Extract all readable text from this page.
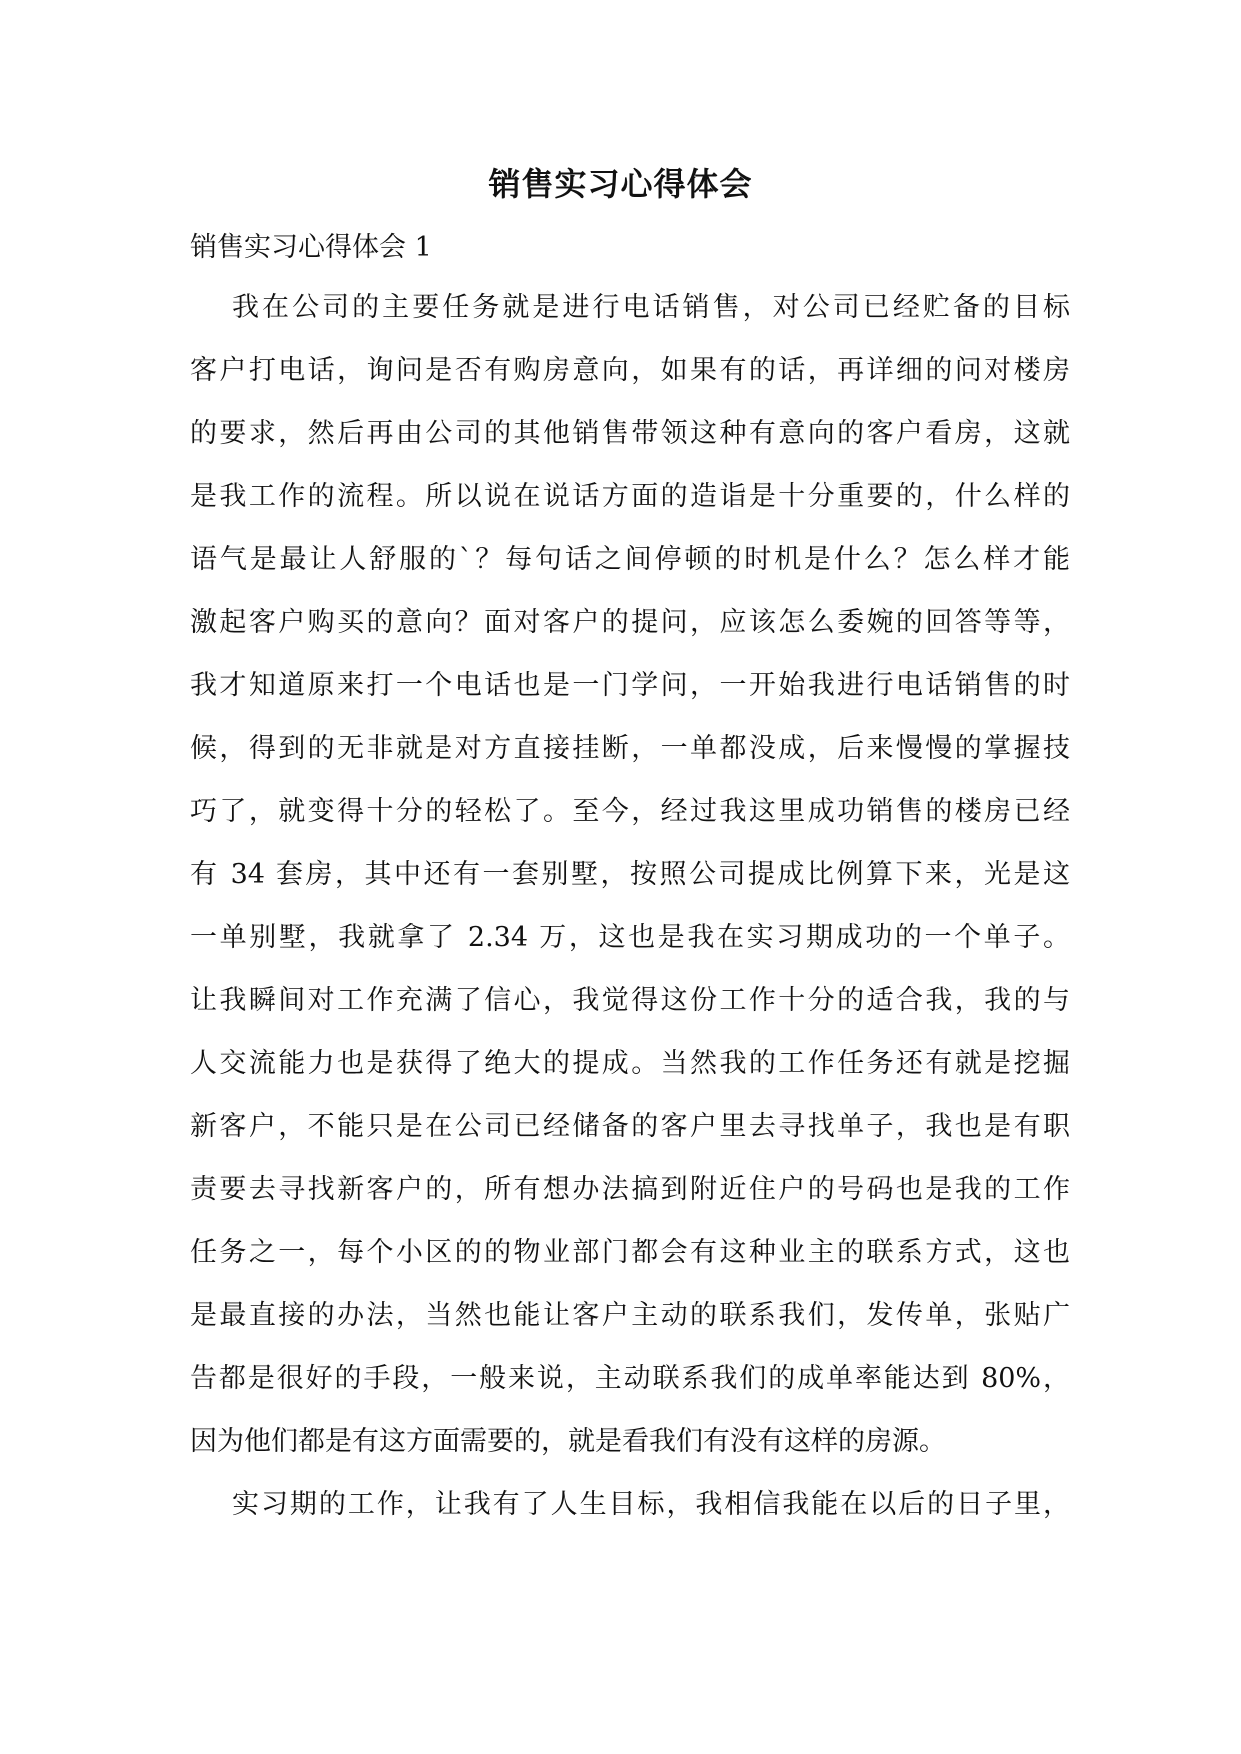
销售实习心得体会
销售实习心得体会 1
我在公司的主要任务就是进行电话销售，对公司已经贮备的目标
客户打电话，询问是否有购房意向，如果有的话，再详细的问对楼房
的要求，然后再由公司的其他销售带领这种有意向的客户看房，这就
是我工作的流程。所以说在说话方面的造诣是十分重要的，什么样的
语气是最让人舒服的`？每句话之间停顿的时机是什么？怎么样才能
激起客户购买的意向？面对客户的提问，应该怎么委婉的回答等等，
我才知道原来打一个电话也是一门学问，一开始我进行电话销售的时
候，得到的无非就是对方直接挂断，一单都没成，后来慢慢的掌握技
巧了，就变得十分的轻松了。至今，经过我这里成功销售的楼房已经
有 34 套房，其中还有一套别墅，按照公司提成比例算下来，光是这
一单别墅，我就拿了 2.34 万，这也是我在实习期成功的一个单子。
让我瞬间对工作充满了信心，我觉得这份工作十分的适合我，我的与
人交流能力也是获得了绝大的提成。当然我的工作任务还有就是挖掘
新客户，不能只是在公司已经储备的客户里去寻找单子，我也是有职
责要去寻找新客户的，所有想办法搞到附近住户的号码也是我的工作
任务之一，每个小区的的物业部门都会有这种业主的联系方式，这也
是最直接的办法，当然也能让客户主动的联系我们，发传单，张贴广
告都是很好的手段，一般来说，主动联系我们的成单率能达到 80%，
因为他们都是有这方面需要的，就是看我们有没有这样的房源。
实习期的工作，让我有了人生目标，我相信我能在以后的日子里，
